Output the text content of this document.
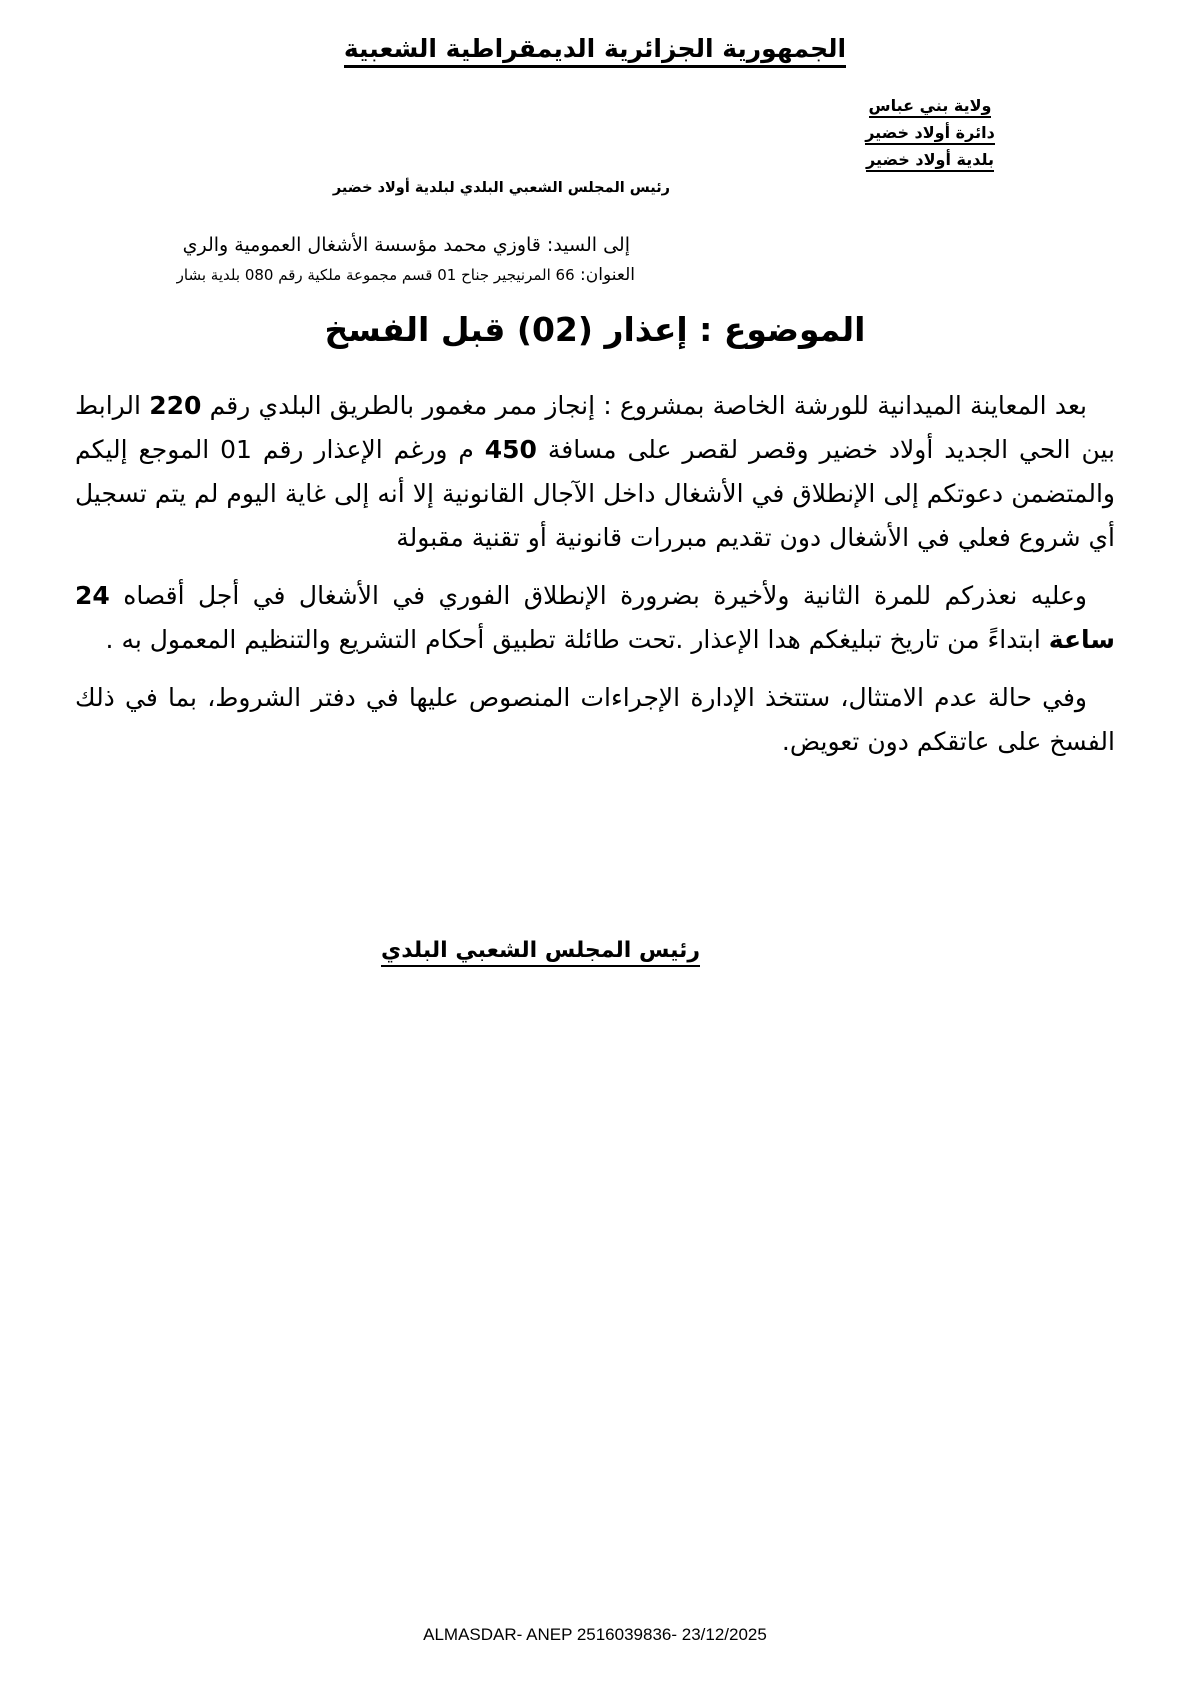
الجمهورية الجزائرية الديمقراطية الشعبية
ولاية بني عباس
دائرة أولاد خضير
بلدية أولاد خضير
رئيس المجلس الشعبي البلدي لبلدية أولاد خضير
إلى السيد: قاوزي محمد مؤسسة الأشغال العمومية والري
العنوان: 66 المرنيجير جناح 01 قسم مجموعة ملكية رقم 080 بلدية بشار
الموضوع : إعذار (02) قبل الفسخ

بعد المعاينة الميدانية للورشة الخاصة بمشروع : إنجاز ممر مغمور بالطريق البلدي رقم 220 الرابط بين الحي الجديد أولاد خضير وقصر لقصر على مسافة 450 م ورغم الإعذار رقم 01 الموجع إليكم والمتضمن دعوتكم إلى الإنطلاق في الأشغال داخل الآجال القانونية إلا أنه إلى غاية اليوم لم يتم تسجيل أي شروع فعلي في الأشغال دون تقديم مبررات قانونية أو تقنية مقبولة

وعليه نعذركم للمرة الثانية ولأخيرة بضرورة الإنطلاق الفوري في الأشغال في أجل أقصاه 24 ساعة ابتداءً من تاريخ تبليغكم هدا الإعذار .تحت طائلة تطبيق أحكام التشريع والتنظيم المعمول به .

وفي حالة عدم الامتثال، ستتخذ الإدارة الإجراءات المنصوص عليها في دفتر الشروط، بما في ذلك الفسخ على عاتقكم دون تعويض.

رئيس المجلس الشعبي البلدي
ALMASDAR- ANEP 2516039836- 23/12/2025
